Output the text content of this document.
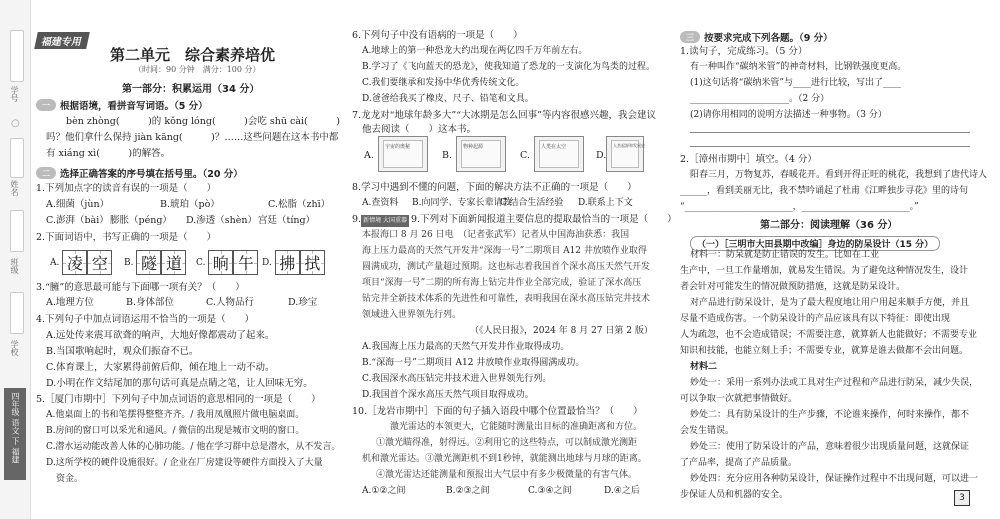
学号
○
姓名
班级
学校
四年级 语文 下 福建
福建专用
第二单元　综合素养培优
（时间：90 分钟　满分：100 分）
第一部分：积累运用（34 分）
一	根据语境，看拼音写词语。（5 分）
bèn zhòng(　　　)的 kǒng lóng(　　　)会吃 shū cài(　　　)
吗？他们拿什么保持 jiàn kāng(　　　)？……这些问题在这本书中都
有 xiáng xì(　　　)的解答。
二	选择正确答案的序号填在括号里。（20 分）
1.下列加点字的读音有误的一项是（　　）
A.细菌（jùn）	B.琥珀（pò）	C.松脂（zhī）
C.澎湃（bài） 膨胀（péng） D.渗透（shèn） 宫廷（tíng）
2.下面词语中，书写正确的一项是（　　）
A. 凌 空 B. 隧 道 C. 晌 午 D. 拂 拭
3.“臃”的意思最可能与下面哪一项有关？（　　）
A.地理方位	B.身体部位	C.人物品行	D.珍宝
4.下列句子中加点词语运用不恰当的一项是（　　）
A.远处传来震耳欲聋的响声，大地好像都震动了起来。
B.当国歌响起时，观众们振奋不已。
C.体育课上，大家累得前俯后仰，倾在地上一动不动。
D.小明在作文结尾加的那句话可真是点睛之笔，让人回味无穷。
5.［厦门市期中］下列句子中加点词语的意思相同的一项是（　　）
A.他桌面上的书和笔摆得整整齐齐。/ 我用凤凰照片做电脑桌面。
B.房间的窗口可以采光和通风。/ 微信的出现是城市文明的窗口。
C.潜水运动能改善人体的心肺功能。/ 他在学习群中总是潜水，从不发言。
D.这所学校的硬件设施很好。/ 企业在厂房建设等硬件方面投入了大量
资金。
6.下列句子中没有语病的一项是（　　）
A.地球上的第一种恐龙大约出现在两亿四千万年前左右。
B.学习了《飞向蓝天的恐龙》，使我知道了恐龙的一支演化为鸟类的过程。
C.我们要继承和发扬中华优秀传统文化。
D.爸爸给我买了橡皮、尺子、铅笔和文具。
7.龙龙对“地球年龄多大”“大冰期是怎么回事”等内容很感兴趣，我会建议
他去阅读（　　）这本书。
A.
宇宙的奥秘
B.
物种起源
C.
人类在太空
D.
人类起源和发展史
8.学习中遇到不懂的问题，下面的解决方法不正确的一项是（　　）
A.查资料 B.向同学、专家长辈请教
C.结合生活经验 D.联系上下文
9. 新情境 大国重器 9.下列对下面新闻报道主要信息的提取最恰当的一项是（　　）
本报海口 8 月 26 日电　（记者张武军）记者从中国海油获悉：我国
海上压力最高的天然气开发井“深海一号”二期项目 A12 井放喷作业取得
圆满成功，测试产量超过预期。这也标志着我国首个深水高压天然气开发
项目“深海一号”二期的所有海上钻完井作业全部完成，验证了深水高压
钻完井全新技术体系的先进性和可靠性，表明我国在深水高压钻完井技术
领域进入世界领先行列。
（《人民日报》，2024 年 8 月 27 日第 2 版）
A.我国海上压力最高的天然气开发井作业取得成功。
B.“深海一号”二期项目 A12 井放喷作业取得圆满成功。
C.我国深水高压钻完井技术进入世界领先行列。
D.我国首个深水高压天然气项目取得成功。
10.［龙岩市期中］下面的句子插入语段中哪个位置最恰当？（　　）
激光雷达的本领更大，它能随时测量出目标的准确距离和方位。
①激光瞄得准，射得远。②利用它的这些特点，可以制成激光测距
机和激光雷达。③激光测距机不到1秒钟，就能测出地球与月球的距离。
④激光雷达还能测量和预报出大气层中有多少极微量的有害气体。
A.①②之间	B.②③之间	C.③④之间	D.④之后
三	按要求完成下列各题。（9 分）
1.读句子，完成练习。（5 分）
有一种叫作“碳纳米管”的神奇材料，比钢铁强度更高。
(1)这句话将“碳纳米管”与____进行比较，写出了____
______________________。（2 分）
(2)请你用相同的说明方法描述一种事物。（3 分）
2.［漳州市期中］填空。（4 分）
阳春三月，万物复苏，春暖花开。看到开得正旺的桃花，我想到了唐代诗人
______，看到美丽无比，我不禁吟诵起了杜甫《江畔独步寻花》里的诗句
“________________________，________________________。”
第二部分：阅读理解（36 分）
（一）［三明市大田县期中改编］身边的防呆设计（15 分）
材料一：防呆就是防止错误的发生。比如在工业
生产中，一旦工作量增加，就易发生错误。为了避免这种情况发生，设计
者会针对可能发生的情况做预防措施，这就是防呆设计。
对产品进行防呆设计，是为了最大程度地让用户用起来顺手方便，并且
尽量不造成伤害。一个防呆设计的产品应该具有以下特征：即使出现
人为疏忽，也不会造成错误；不需要注意，就算新人也能做好；不需要专业
知识和技能，也能立刻上手；不需要专业，就算是谁去做都不会出问题。
材料二
妙处一：采用一系列办法或工具对生产过程和产品进行防呆，减少失误，
可以争取一次就把事情做好。
妙处二：具有防呆设计的生产步骤，不论谁来操作，何时来操作，都不
会发生错误。
妙处三：使用了防呆设计的产品，意味着很少出现质量问题，这就保证
了产品率，提高了产品质量。
妙处四：充分应用各种防呆设计，保证操作过程中不出现问题，可以进一
步保证人员和机器的安全。	3
